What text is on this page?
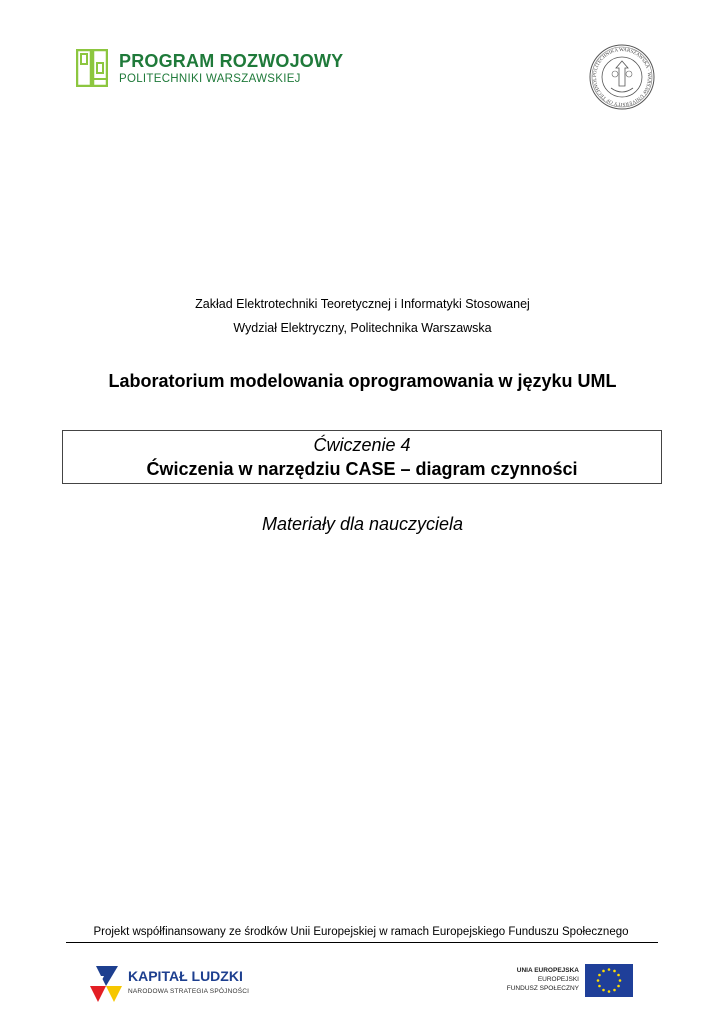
PROGRAM ROZWOJOWY
POLITECHNIKI WARSZAWSKIEJ	POLITECHNIKA WARSZAWSKA · WARSAW UNIVERSITY OF TECHNOL
Zakład Elektrotechniki Teoretycznej i Informatyki Stosowanej
Wydział Elektryczny, Politechnika Warszawska
Laboratorium modelowania oprogramowania w języku UML
Ćwiczenie 4
Ćwiczenia w narzędziu CASE – diagram czynności
Materiały dla nauczyciela
Projekt współfinansowany ze środków Unii Europejskiej w ramach Europejskiego Funduszu Społecznego
KAPITAŁ LUDZKI
NARODOWA STRATEGIA SPÓJNOŚCI
UNIA EUROPEJSKA
EUROPEJSKI
FUNDUSZ SPOŁECZNY
